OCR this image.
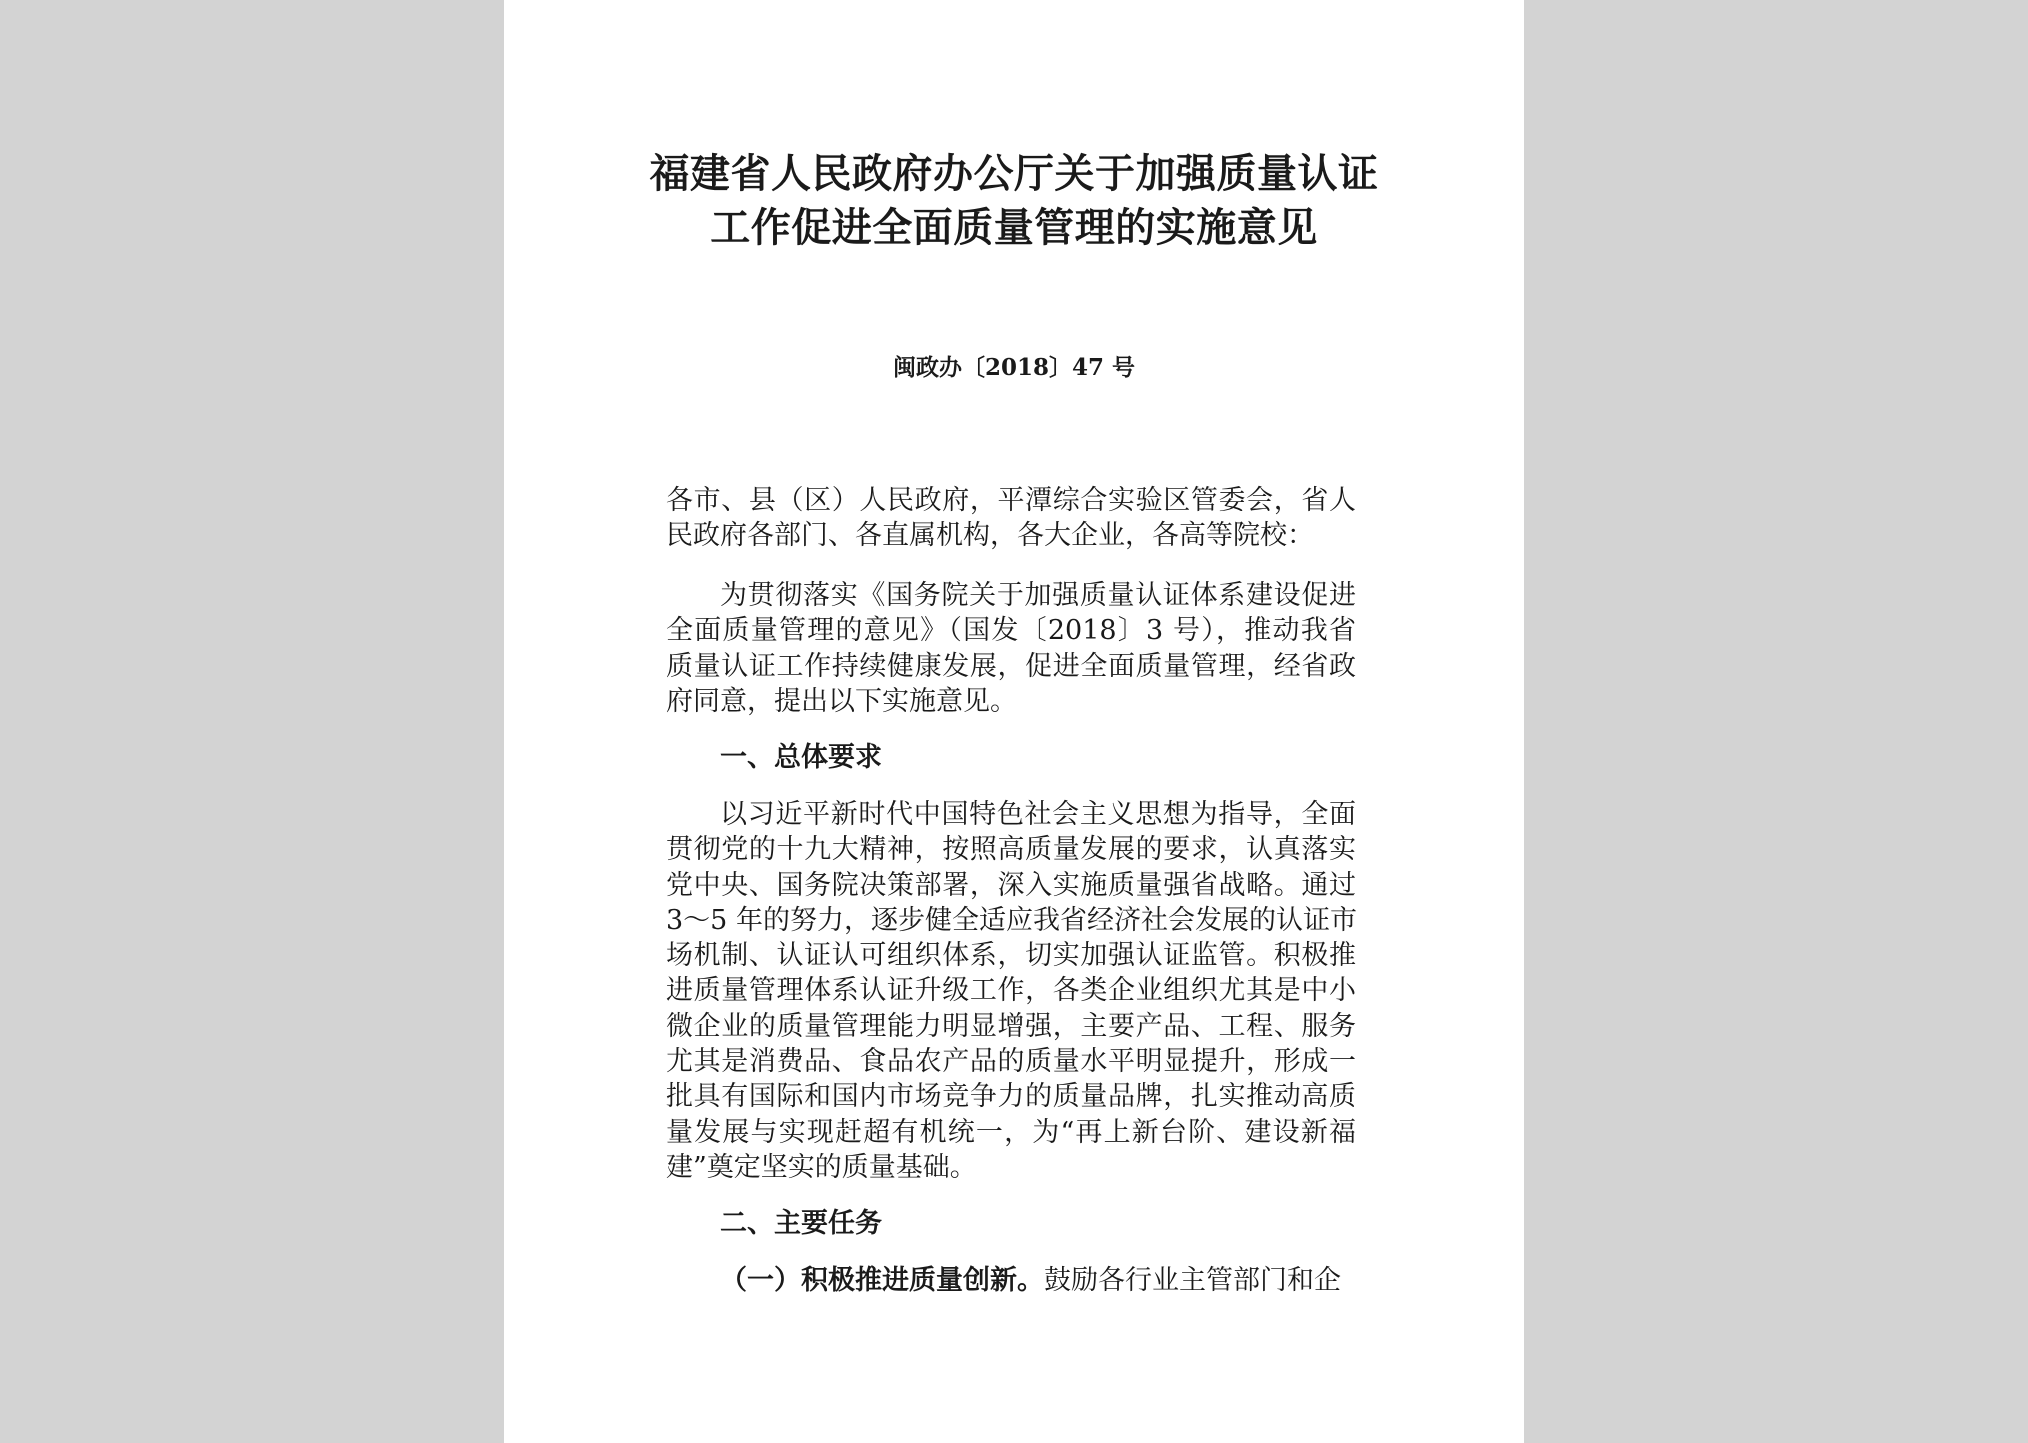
福建省人民政府办公厅关于加强质量认证
工作促进全面质量管理的实施意见
闽政办〔2018〕47 号
各市、县（区）人民政府，平潭综合实验区管委会，省人
民政府各部门、各直属机构，各大企业，各高等院校：
为贯彻落实《国务院关于加强质量认证体系建设促进
全面质量管理的意见》（国发〔2018〕3 号），推动我省
质量认证工作持续健康发展，促进全面质量管理，经省政
府同意，提出以下实施意见。
一、总体要求
以习近平新时代中国特色社会主义思想为指导，全面
贯彻党的十九大精神，按照高质量发展的要求，认真落实
党中央、国务院决策部署，深入实施质量强省战略。通过
3～5 年的努力，逐步健全适应我省经济社会发展的认证市
场机制、认证认可组织体系，切实加强认证监管。积极推
进质量管理体系认证升级工作，各类企业组织尤其是中小
微企业的质量管理能力明显增强，主要产品、工程、服务
尤其是消费品、食品农产品的质量水平明显提升，形成一
批具有国际和国内市场竞争力的质量品牌，扎实推动高质
量发展与实现赶超有机统一，为“再上新台阶、建设新福
建”奠定坚实的质量基础。
二、主要任务
（一）积极推进质量创新。鼓励各行业主管部门和企
